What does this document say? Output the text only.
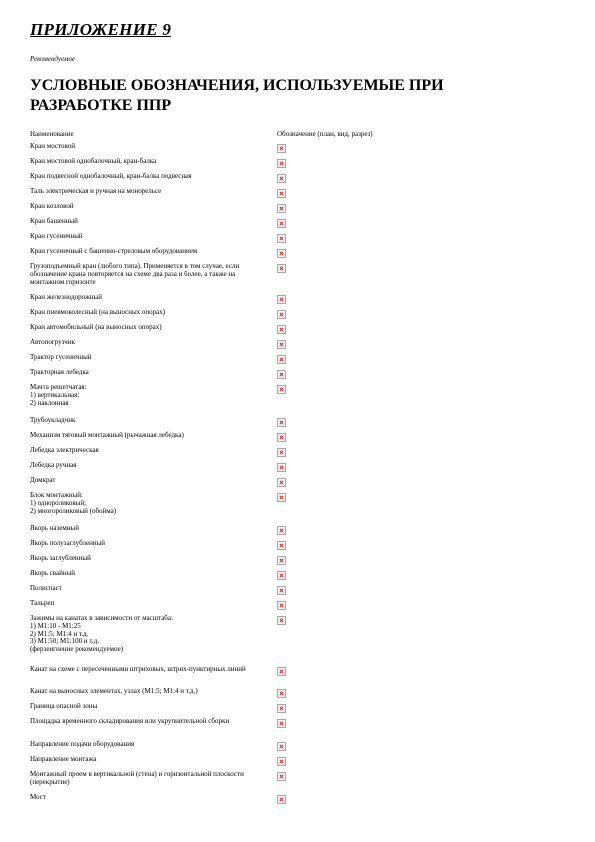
ПРИЛОЖЕНИЕ 9
Рекомендуемое
УСЛОВНЫЕ ОБОЗНАЧЕНИЯ, ИСПОЛЬЗУЕМЫЕ ПРИ РАЗРАБОТКЕ ППР
Наименование	Обозначение (план, вид, разрез)
Кран мостовой
Кран мостовой однобалочный, кран-балка
Кран подвесной однобалочный, кран-балка подвесная
Таль электрическая и ручная на монорельсе
Кран козловой
Кран башенный
Кран гусеничный
Кран гусеничный с башенно-стреловым оборудованием
Грузоподъемный кран (любого типа). Применяется в том случае, если обозначение крана повторяется на схеме два раза и более, а также на монтажном горизонте
Кран железнодорожный
Кран пневмоколесный (на выносных опорах)
Кран автомобильный (на выносных опорах)
Автопогрузчик
Трактор гусеничный
Тракторная лебедка
Мачта решетчатая:
1) вертикальная;
2) наклонная
Трубоукладчик
Механизм тяговый монтажный (рычажная лебедка)
Лебедка электрическая
Лебедка ручная
Домкрат
Блок монтажный:
1) однороликовый;
2) многороликовый (обойма)
Якорь наземный
Якорь полузаглубленный
Якорь заглубленный
Якорь свайный
Полиспаст
Тальреп
Зажимы на канатах в зависимости от масштаба:
1) М1:10 - М1:25
2) М1:5; М1:4 и т.д.
3) М1:50; М1:100 и т.д.
(ферзеигнение рекомендуемое)
Канат на схеме с пересеченными штриховых, штрих-пунктирных линий
Канат на выносных элементах, узлах (М1:5; М1:4 и т.д.)
Граница опасной зоны
Площадка временного складирования или укрупнительной сборки
Направление подачи оборудования
Направление монтажа
Монтажный проем в вертикальной (стена) и горизонтальной плоскости (перекрытие)
Мост
